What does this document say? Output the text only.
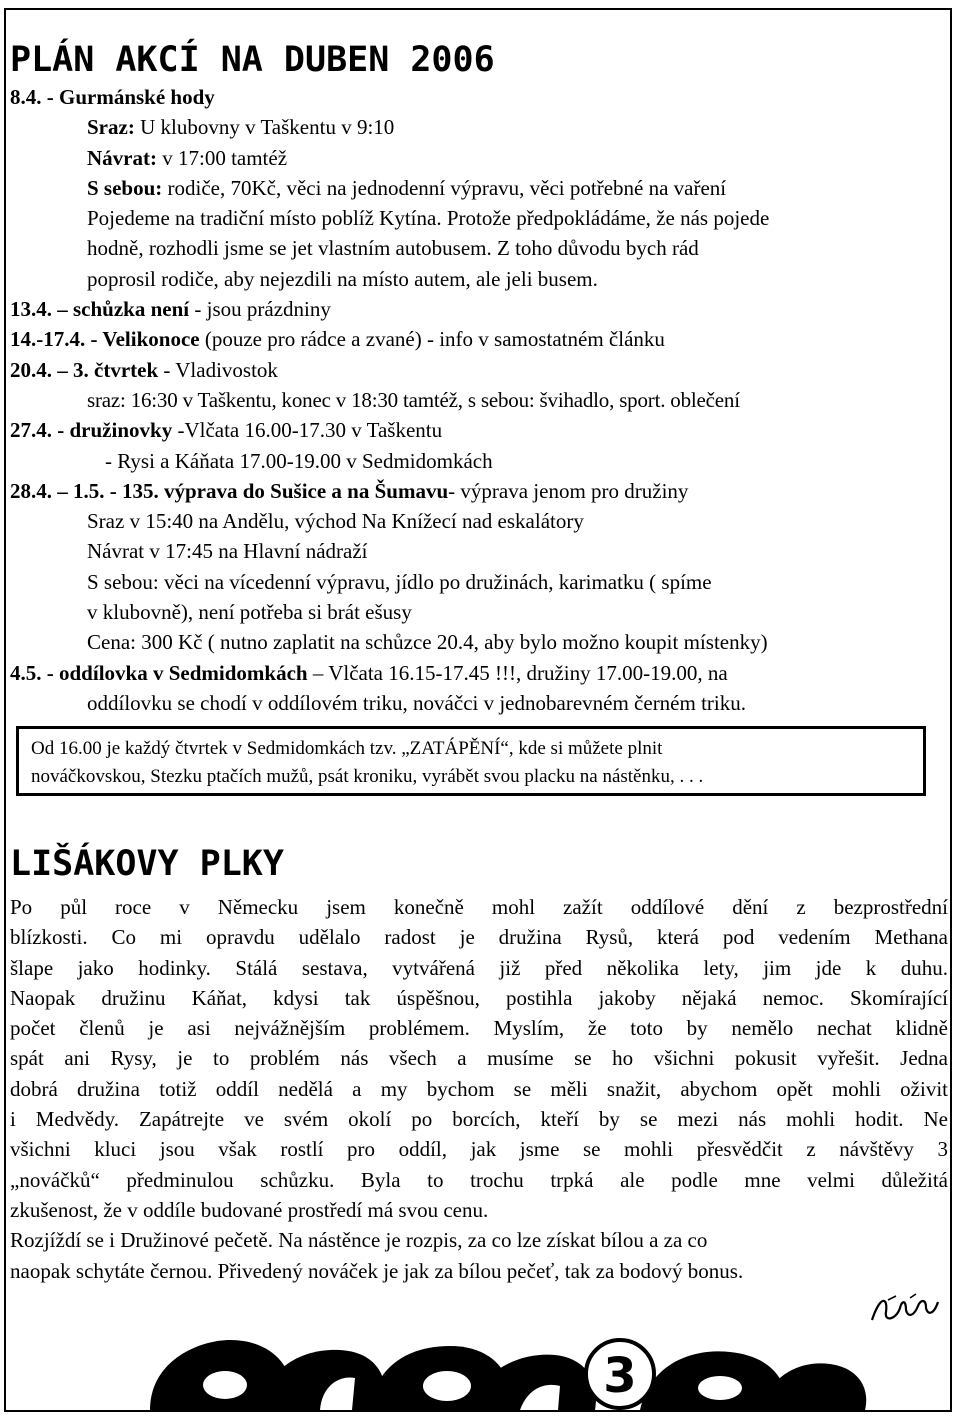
PLÁN AKCÍ NA DUBEN 2006
8.4. - Gurmánské hody
Sraz: U klubovny v Taškentu v 9:10
Návrat: v 17:00 tamtéž
S sebou: rodiče, 70Kč, věci na jednodenní výpravu, věci potřebné na vaření
Pojedeme na tradiční místo poblíž Kytína. Protože předpokládáme, že nás pojede
hodně, rozhodli jsme se jet vlastním autobusem. Z toho důvodu bych rád
poprosil rodiče, aby nejezdili na místo autem, ale jeli busem.
13.4. – schůzka není - jsou prázdniny
14.-17.4. - Velikonoce (pouze pro rádce a zvané) - info v samostatném článku
20.4. – 3. čtvrtek - Vladivostok
sraz: 16:30 v Taškentu, konec v 18:30 tamtéž, s sebou: švihadlo, sport. oblečení
27.4. - družinovky -Vlčata 16.00-17.30 v Taškentu
- Rysi a Káňata 17.00-19.00 v Sedmidomkách
28.4. – 1.5. - 135. výprava do Sušice a na Šumavu- výprava jenom pro družiny
Sraz v 15:40 na Andělu, východ Na Knížecí nad eskalátory
Návrat v 17:45 na Hlavní nádraží
S sebou: věci na vícedenní výpravu, jídlo po družinách, karimatku ( spíme
v klubovně), není potřeba si brát ešusy
Cena: 300 Kč ( nutno zaplatit na schůzce 20.4, aby bylo možno koupit místenky)
4.5. - oddílovka v Sedmidomkách – Vlčata 16.15-17.45 !!!, družiny 17.00-19.00, na
oddílovku se chodí v oddílovém triku, nováčci v jednobarevném černém triku.
Od 16.00 je každý čtvrtek v Sedmidomkách tzv. „ZATÁPĚNÍ“, kde si můžete plnit
nováčkovskou, Stezku ptačích mužů, psát kroniku, vyrábět svou placku na nástěnku, . . .
LIŠÁKOVY PLKY
Po půl roce v Německu jsem konečně mohl zažít oddílové dění z bezprostřední
blízkosti. Co mi opravdu udělalo radost je družina Rysů, která pod vedením Methana
šlape jako hodinky. Stálá sestava, vytvářená již před několika lety, jim jde k duhu.
Naopak družinu Káňat, kdysi tak úspěšnou, postihla jakoby nějaká nemoc. Skomírající
počet členů je asi nejvážnějším problémem. Myslím, že toto by nemělo nechat klidně
spát ani Rysy, je to problém nás všech a musíme se ho všichni pokusit vyřešit. Jedna
dobrá družina totiž oddíl nedělá a my bychom se měli snažit, abychom opět mohli oživit
i Medvědy. Zapátrejte ve svém okolí po borcích, kteří by se mezi nás mohli hodit. Ne
všichni kluci jsou však rostlí pro oddíl, jak jsme se mohli přesvědčit z návštěvy 3
„nováčků“ předminulou schůzku. Byla to trochu trpká ale podle mne velmi důležitá
zkušenost, že v oddíle budované prostředí má svou cenu.
Rozjíždí se i Družinové pečetě. Na nástěnce je rozpis, za co lze získat bílou a za co
naopak schytáte černou. Přivedený nováček je jak za bílou pečeť, tak za bodový bonus.
3
